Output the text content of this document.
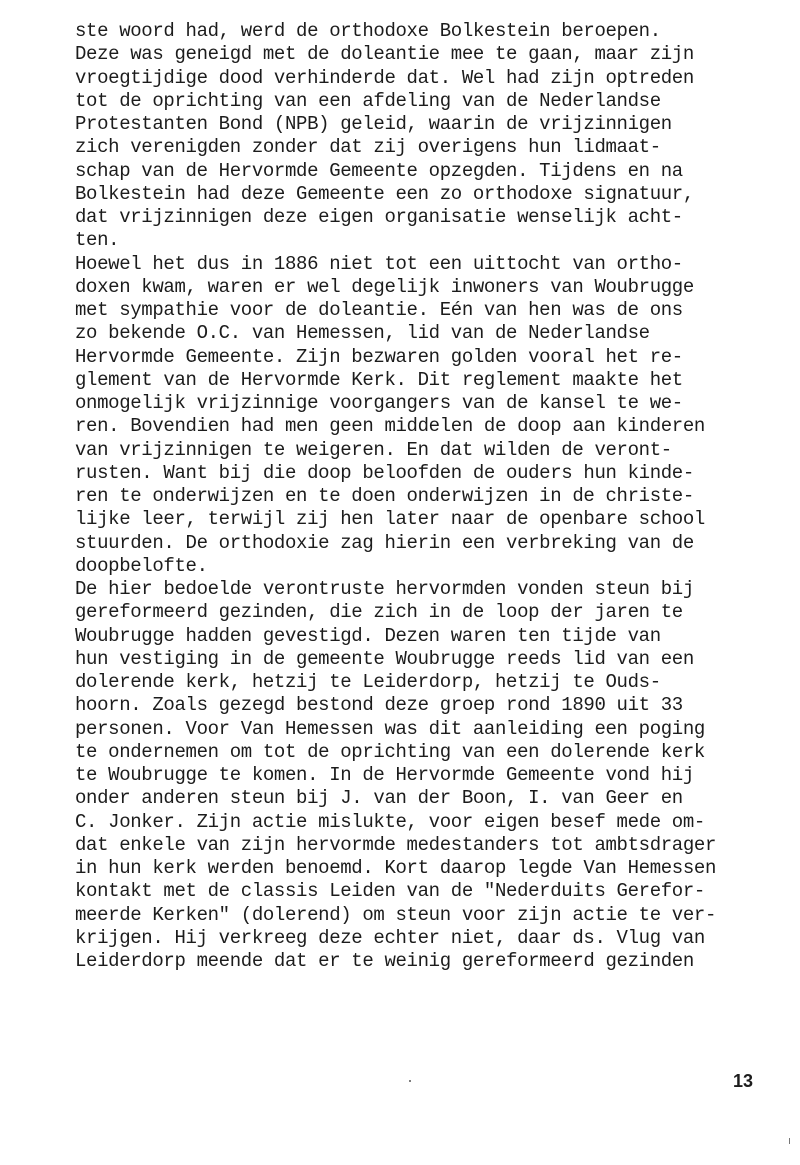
ste woord had, werd de orthodoxe Bolkestein beroepen.
Deze was geneigd met de doleantie mee te gaan, maar zijn
vroegtijdige dood verhinderde dat. Wel had zijn optreden
tot de oprichting van een afdeling van de Nederlandse
Protestanten Bond (NPB) geleid, waarin de vrijzinnigen
zich verenigden zonder dat zij overigens hun lidmaat-
schap van de Hervormde Gemeente opzegden. Tijdens en na
Bolkestein had deze Gemeente een zo orthodoxe signatuur,
dat vrijzinnigen deze eigen organisatie wenselijk acht-
ten.
Hoewel het dus in 1886 niet tot een uittocht van ortho-
doxen kwam, waren er wel degelijk inwoners van Woubrugge
met sympathie voor de doleantie. Eén van hen was de ons
zo bekende O.C. van Hemessen, lid van de Nederlandse
Hervormde Gemeente. Zijn bezwaren golden vooral het re-
glement van de Hervormde Kerk. Dit reglement maakte het
onmogelijk vrijzinnige voorgangers van de kansel te we-
ren. Bovendien had men geen middelen de doop aan kinderen
van vrijzinnigen te weigeren. En dat wilden de veront-
rusten. Want bij die doop beloofden de ouders hun kinde-
ren te onderwijzen en te doen onderwijzen in de christe-
lijke leer, terwijl zij hen later naar de openbare school
stuurden. De orthodoxie zag hierin een verbreking van de
doopbelofte.
De hier bedoelde verontruste hervormden vonden steun bij
gereformeerd gezinden, die zich in de loop der jaren te
Woubrugge hadden gevestigd. Dezen waren ten tijde van
hun vestiging in de gemeente Woubrugge reeds lid van een
dolerende kerk, hetzij te Leiderdorp, hetzij te Ouds-
hoorn. Zoals gezegd bestond deze groep rond 1890 uit 33
personen. Voor Van Hemessen was dit aanleiding een poging
te ondernemen om tot de oprichting van een dolerende kerk
te Woubrugge te komen. In de Hervormde Gemeente vond hij
onder anderen steun bij J. van der Boon, I. van Geer en
C. Jonker. Zijn actie mislukte, voor eigen besef mede om-
dat enkele van zijn hervormde medestanders tot ambtsdrager
in hun kerk werden benoemd. Kort daarop legde Van Hemessen
kontakt met de classis Leiden van de "Nederduits Gerefor-
meerde Kerken" (dolerend) om steun voor zijn actie te ver-
krijgen. Hij verkreeg deze echter niet, daar ds. Vlug van
Leiderdorp meende dat er te weinig gereformeerd gezinden
13
